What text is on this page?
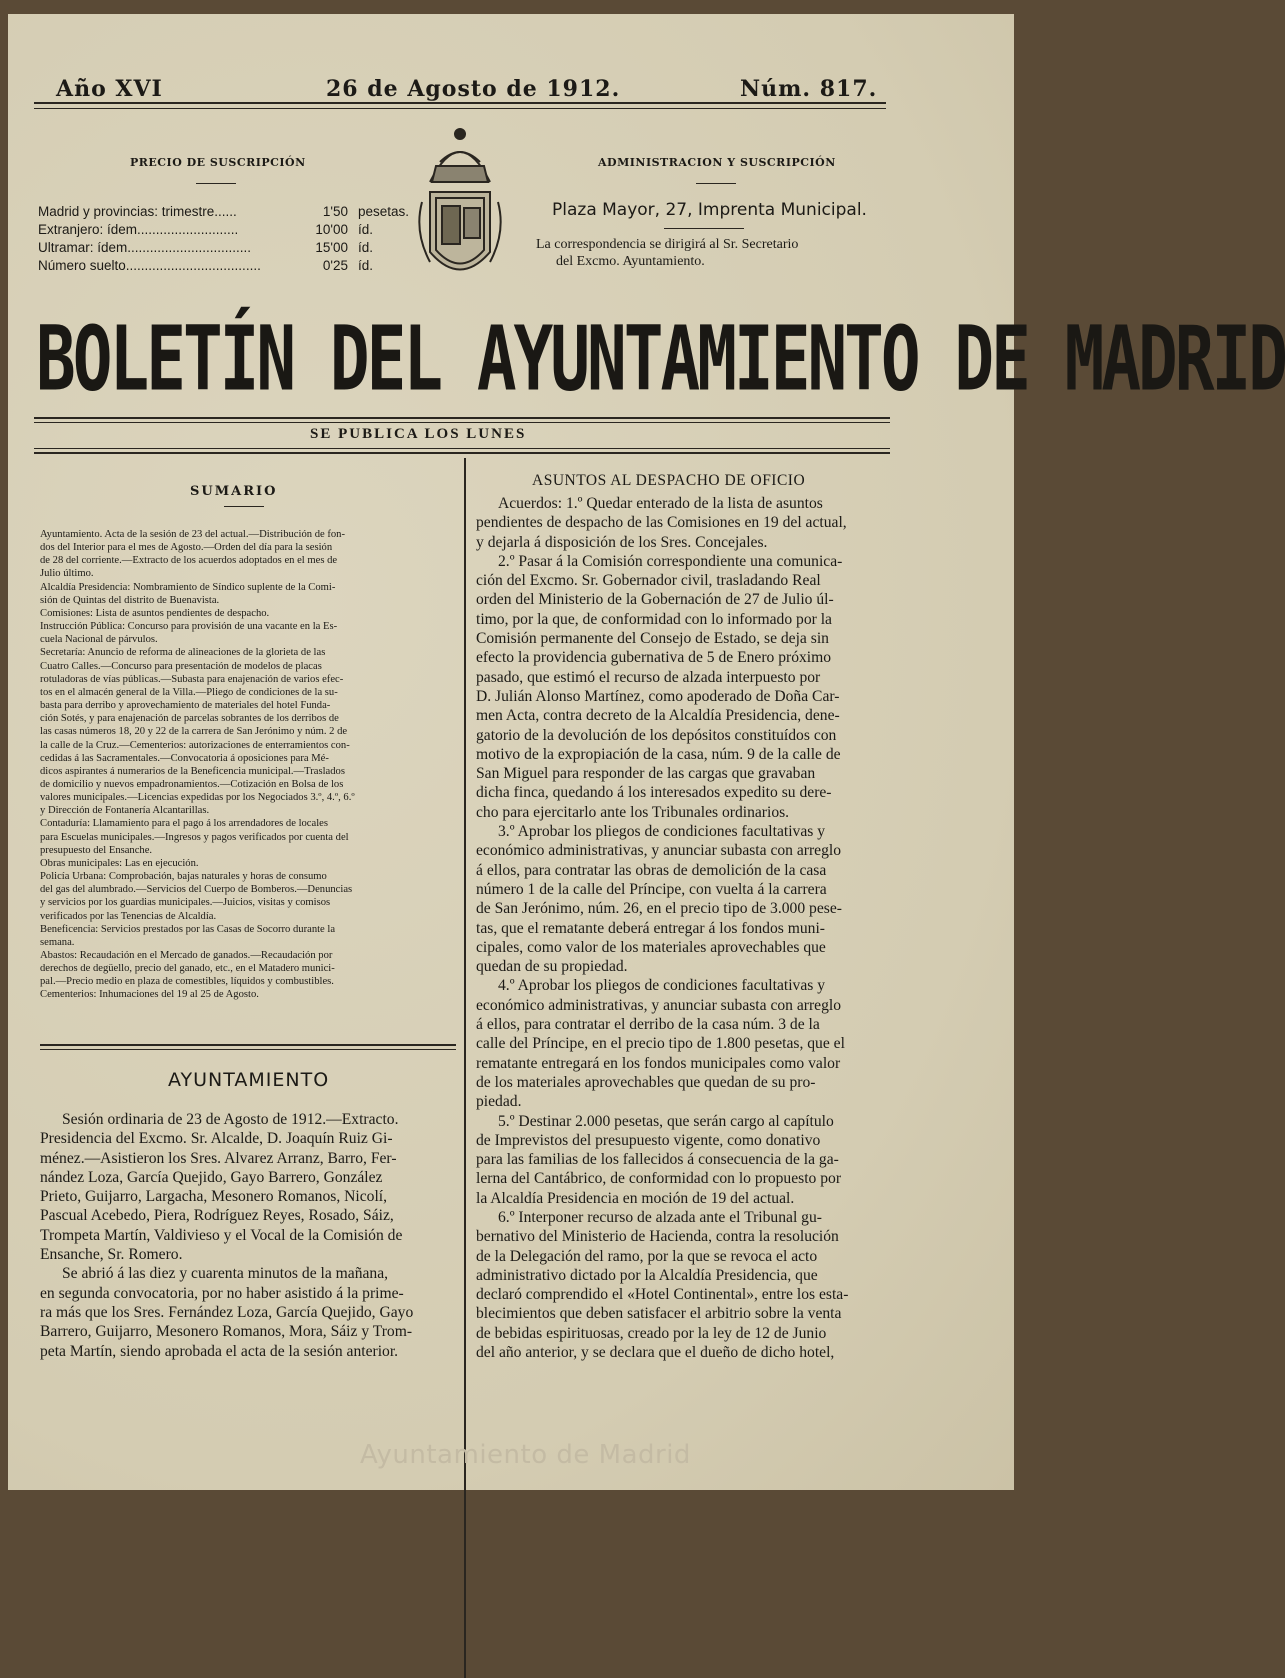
Año XVI	26 de Agosto de 1912.	Núm. 817.
PRECIO DE SUSCRIPCIÓN
Madrid y provincias: trimestre......	1'50 pesetas.
Extranjero: ídem...........................	10'00 íd.
Ultramar: ídem.................................	15'00 íd.
Número suelto....................................	0'25 íd.
ADMINISTRACION Y SUSCRIPCIÓN
Plaza Mayor, 27, Imprenta Municipal.
La correspondencia se dirigirá al Sr. Secretario
del Excmo. Ayuntamiento.
BOLETÍN DEL AYUNTAMIENTO DE MADRID
SE PUBLICA LOS LUNES
SUMARIO
Ayuntamiento. Acta de la sesión de 23 del actual.—Distribución de fon-
dos del Interior para el mes de Agosto.—Orden del día para la sesión
de 28 del corriente.—Extracto de los acuerdos adoptados en el mes de
Julio último.
Alcaldía Presidencia: Nombramiento de Síndico suplente de la Comi-
sión de Quintas del distrito de Buenavista.
Comisiones: Lista de asuntos pendientes de despacho.
Instrucción Pública: Concurso para provisión de una vacante en la Es-
cuela Nacional de párvulos.
Secretaría: Anuncio de reforma de alineaciones de la glorieta de las
Cuatro Calles.—Concurso para presentación de modelos de placas
rotuladoras de vías públicas.—Subasta para enajenación de varios efec-
tos en el almacén general de la Villa.—Pliego de condiciones de la su-
basta para derribo y aprovechamiento de materiales del hotel Funda-
ción Sotés, y para enajenación de parcelas sobrantes de los derribos de
las casas números 18, 20 y 22 de la carrera de San Jerónimo y núm. 2 de
la calle de la Cruz.—Cementerios: autorizaciones de enterramientos con-
cedidas á las Sacramentales.—Convocatoria á oposiciones para Mé-
dicos aspirantes á numerarios de la Beneficencia municipal.—Traslados
de domicilio y nuevos empadronamientos.—Cotización en Bolsa de los
valores municipales.—Licencias expedidas por los Negociados 3.º, 4.º, 6.º
y Dirección de Fontanería Alcantarillas.
Contaduría: Llamamiento para el pago á los arrendadores de locales
para Escuelas municipales.—Ingresos y pagos verificados por cuenta del
presupuesto del Ensanche.
Obras municipales: Las en ejecución.
Policía Urbana: Comprobación, bajas naturales y horas de consumo
del gas del alumbrado.—Servicios del Cuerpo de Bomberos.—Denuncias
y servicios por los guardias municipales.—Juicios, visitas y comisos
verificados por las Tenencias de Alcaldía.
Beneficencia: Servicios prestados por las Casas de Socorro durante la
semana.
Abastos: Recaudación en el Mercado de ganados.—Recaudación por
derechos de degüello, precio del ganado, etc., en el Matadero munici-
pal.—Precio medio en plaza de comestibles, líquidos y combustibles.
Cementerios: Inhumaciones del 19 al 25 de Agosto.
AYUNTAMIENTO
Sesión ordinaria de 23 de Agosto de 1912.—Extracto.
Presidencia del Excmo. Sr. Alcalde, D. Joaquín Ruiz Gi-
ménez.—Asistieron los Sres. Alvarez Arranz, Barro, Fer-
nández Loza, García Quejido, Gayo Barrero, González
Prieto, Guijarro, Largacha, Mesonero Romanos, Nicolí,
Pascual Acebedo, Piera, Rodríguez Reyes, Rosado, Sáiz,
Trompeta Martín, Valdivieso y el Vocal de la Comisión de
Ensanche, Sr. Romero.
Se abrió á las diez y cuarenta minutos de la mañana,
en segunda convocatoria, por no haber asistido á la prime-
ra más que los Sres. Fernández Loza, García Quejido, Gayo
Barrero, Guijarro, Mesonero Romanos, Mora, Sáiz y Trom-
peta Martín, siendo aprobada el acta de la sesión anterior.
ASUNTOS AL DESPACHO DE OFICIO
Acuerdos: 1.º Quedar enterado de la lista de asuntos
pendientes de despacho de las Comisiones en 19 del actual,
y dejarla á disposición de los Sres. Concejales.
2.º Pasar á la Comisión correspondiente una comunica-
ción del Excmo. Sr. Gobernador civil, trasladando Real
orden del Ministerio de la Gobernación de 27 de Julio úl-
timo, por la que, de conformidad con lo informado por la
Comisión permanente del Consejo de Estado, se deja sin
efecto la providencia gubernativa de 5 de Enero próximo
pasado, que estimó el recurso de alzada interpuesto por
D. Julián Alonso Martínez, como apoderado de Doña Car-
men Acta, contra decreto de la Alcaldía Presidencia, dene-
gatorio de la devolución de los depósitos constituídos con
motivo de la expropiación de la casa, núm. 9 de la calle de
San Miguel para responder de las cargas que gravaban
dicha finca, quedando á los interesados expedito su dere-
cho para ejercitarlo ante los Tribunales ordinarios.
3.º Aprobar los pliegos de condiciones facultativas y
económico administrativas, y anunciar subasta con arreglo
á ellos, para contratar las obras de demolición de la casa
número 1 de la calle del Príncipe, con vuelta á la carrera
de San Jerónimo, núm. 26, en el precio tipo de 3.000 pese-
tas, que el rematante deberá entregar á los fondos muni-
cipales, como valor de los materiales aprovechables que
quedan de su propiedad.
4.º Aprobar los pliegos de condiciones facultativas y
económico administrativas, y anunciar subasta con arreglo
á ellos, para contratar el derribo de la casa núm. 3 de la
calle del Príncipe, en el precio tipo de 1.800 pesetas, que el
rematante entregará en los fondos municipales como valor
de los materiales aprovechables que quedan de su pro-
piedad.
5.º Destinar 2.000 pesetas, que serán cargo al capítulo
de Imprevistos del presupuesto vigente, como donativo
para las familias de los fallecidos á consecuencia de la ga-
lerna del Cantábrico, de conformidad con lo propuesto por
la Alcaldía Presidencia en moción de 19 del actual.
6.º Interponer recurso de alzada ante el Tribunal gu-
bernativo del Ministerio de Hacienda, contra la resolución
de la Delegación del ramo, por la que se revoca el acto
administrativo dictado por la Alcaldía Presidencia, que
declaró comprendido el «Hotel Continental», entre los esta-
blecimientos que deben satisfacer el arbitrio sobre la venta
de bebidas espirituosas, creado por la ley de 12 de Junio
del año anterior, y se declara que el dueño de dicho hotel,
Ayuntamiento de Madrid
